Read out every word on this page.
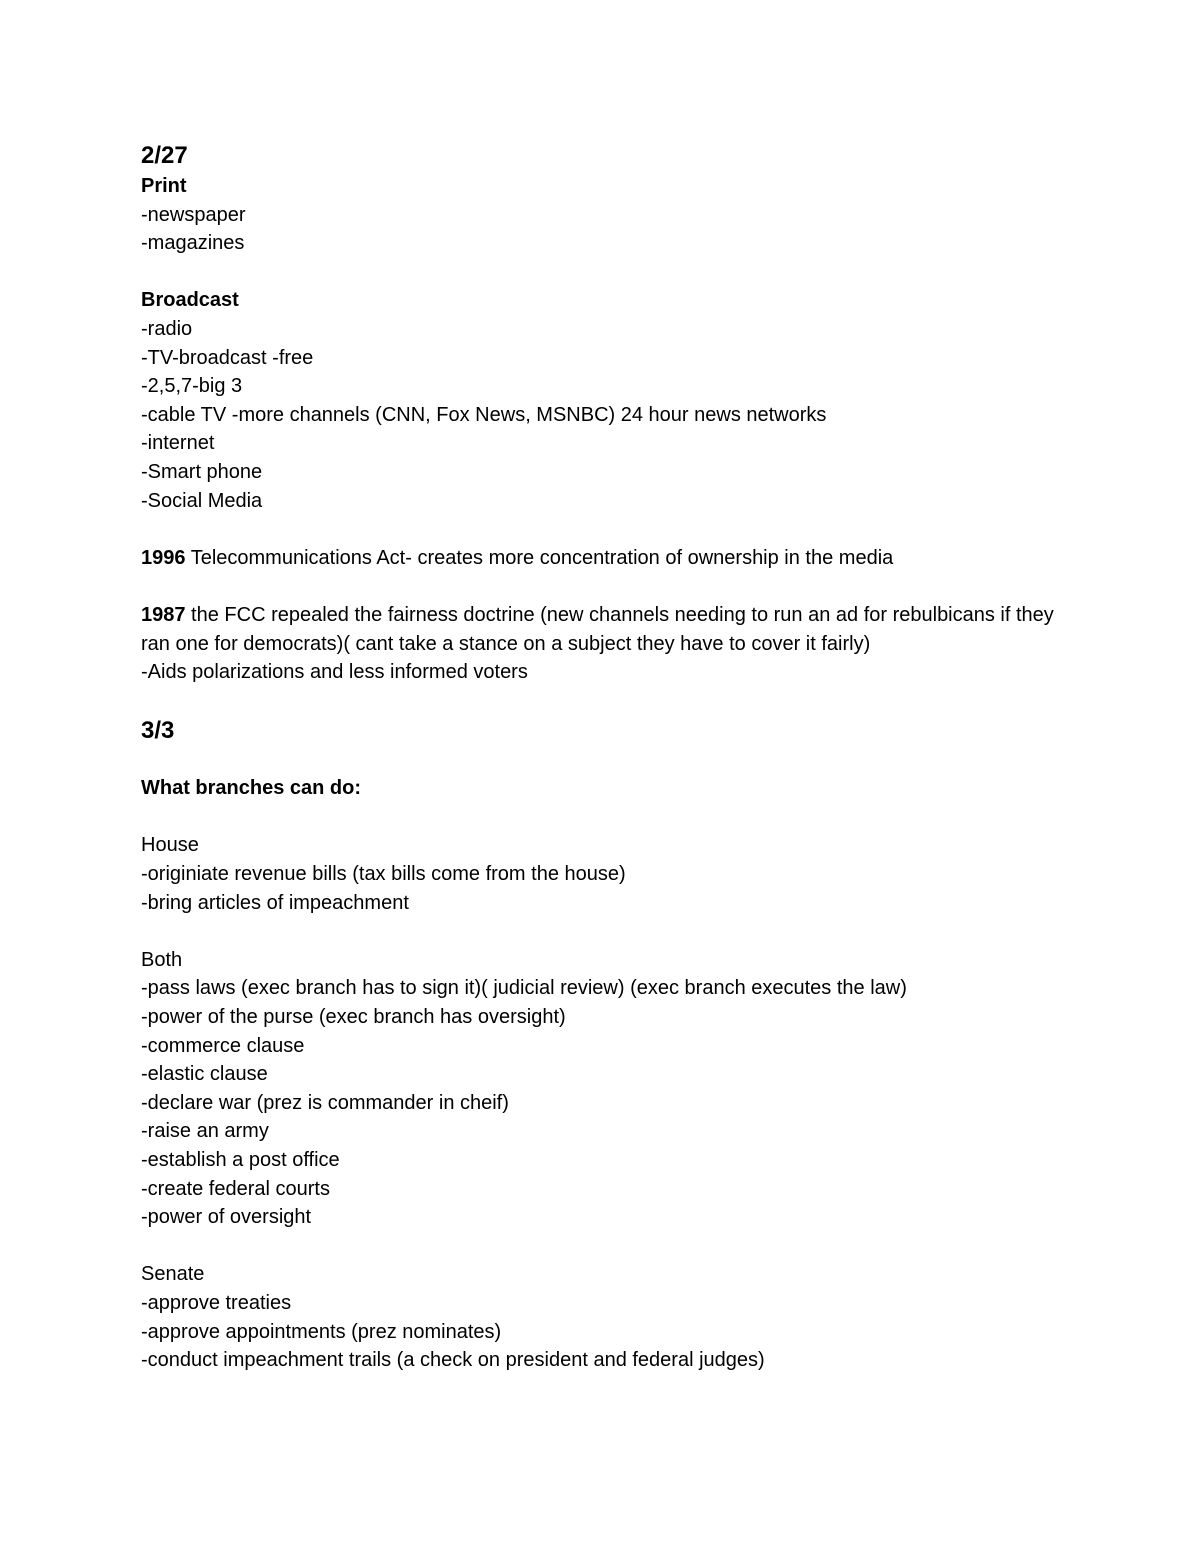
2/27
Print
-newspaper
-magazines
Broadcast
-radio
-TV-broadcast -free
-2,5,7-big 3
-cable TV -more channels (CNN, Fox News, MSNBC) 24 hour news networks
-internet
-Smart phone
-Social Media
1996 Telecommunications Act- creates more concentration of ownership in the media
1987 the FCC repealed the fairness doctrine (new channels needing to run an ad for rebulbicans if they ran one for democrats)( cant take a stance on a subject they have to cover it fairly)
-Aids polarizations and less informed voters
3/3
What branches can do:
House
-originiate revenue bills (tax bills come from the house)
-bring articles of impeachment
Both
-pass laws (exec branch has to sign it)( judicial review) (exec branch executes the law)
-power of the purse (exec branch has oversight)
-commerce clause
-elastic clause
-declare war (prez is commander in cheif)
-raise an army
-establish a post office
-create federal courts
-power of oversight
Senate
-approve treaties
-approve appointments (prez nominates)
-conduct impeachment trails (a check on president and federal judges)
